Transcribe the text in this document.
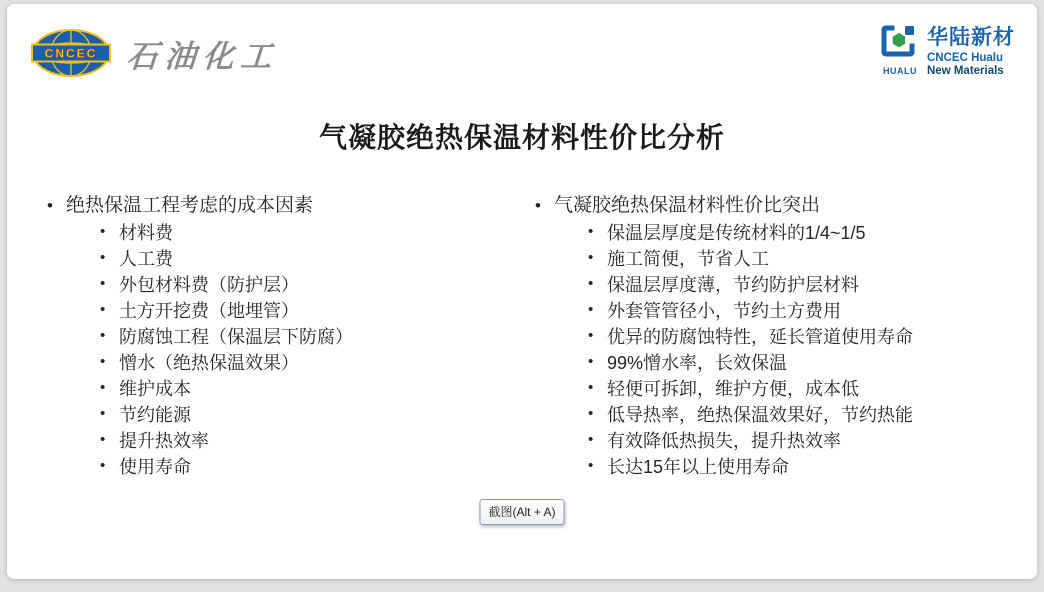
CNCEC 石油化工
华陆新材
CNCEC Hualu
HUALU New Materials
气凝胶绝热保温材料性价比分析
•
绝热保温工程考虑的成本因素
•
材料费
•
人工费
•
外包材料费（防护层）
•
土方开挖费（地埋管）
•
防腐蚀工程（保温层下防腐）
•
憎水（绝热保温效果）
•
维护成本
•
节约能源
•
提升热效率
•
使用寿命
•
气凝胶绝热保温材料性价比突出
•
保温层厚度是传统材料的1/4~1/5
•
施工简便，节省人工
•
保温层厚度薄，节约防护层材料
•
外套管管径小，节约土方费用
•
优异的防腐蚀特性，延长管道使用寿命
•
99%憎水率，长效保温
•
轻便可拆卸，维护方便，成本低
•
低导热率，绝热保温效果好，节约热能
•
有效降低热损失，提升热效率
•
长达15年以上使用寿命
截图(Alt + A)
